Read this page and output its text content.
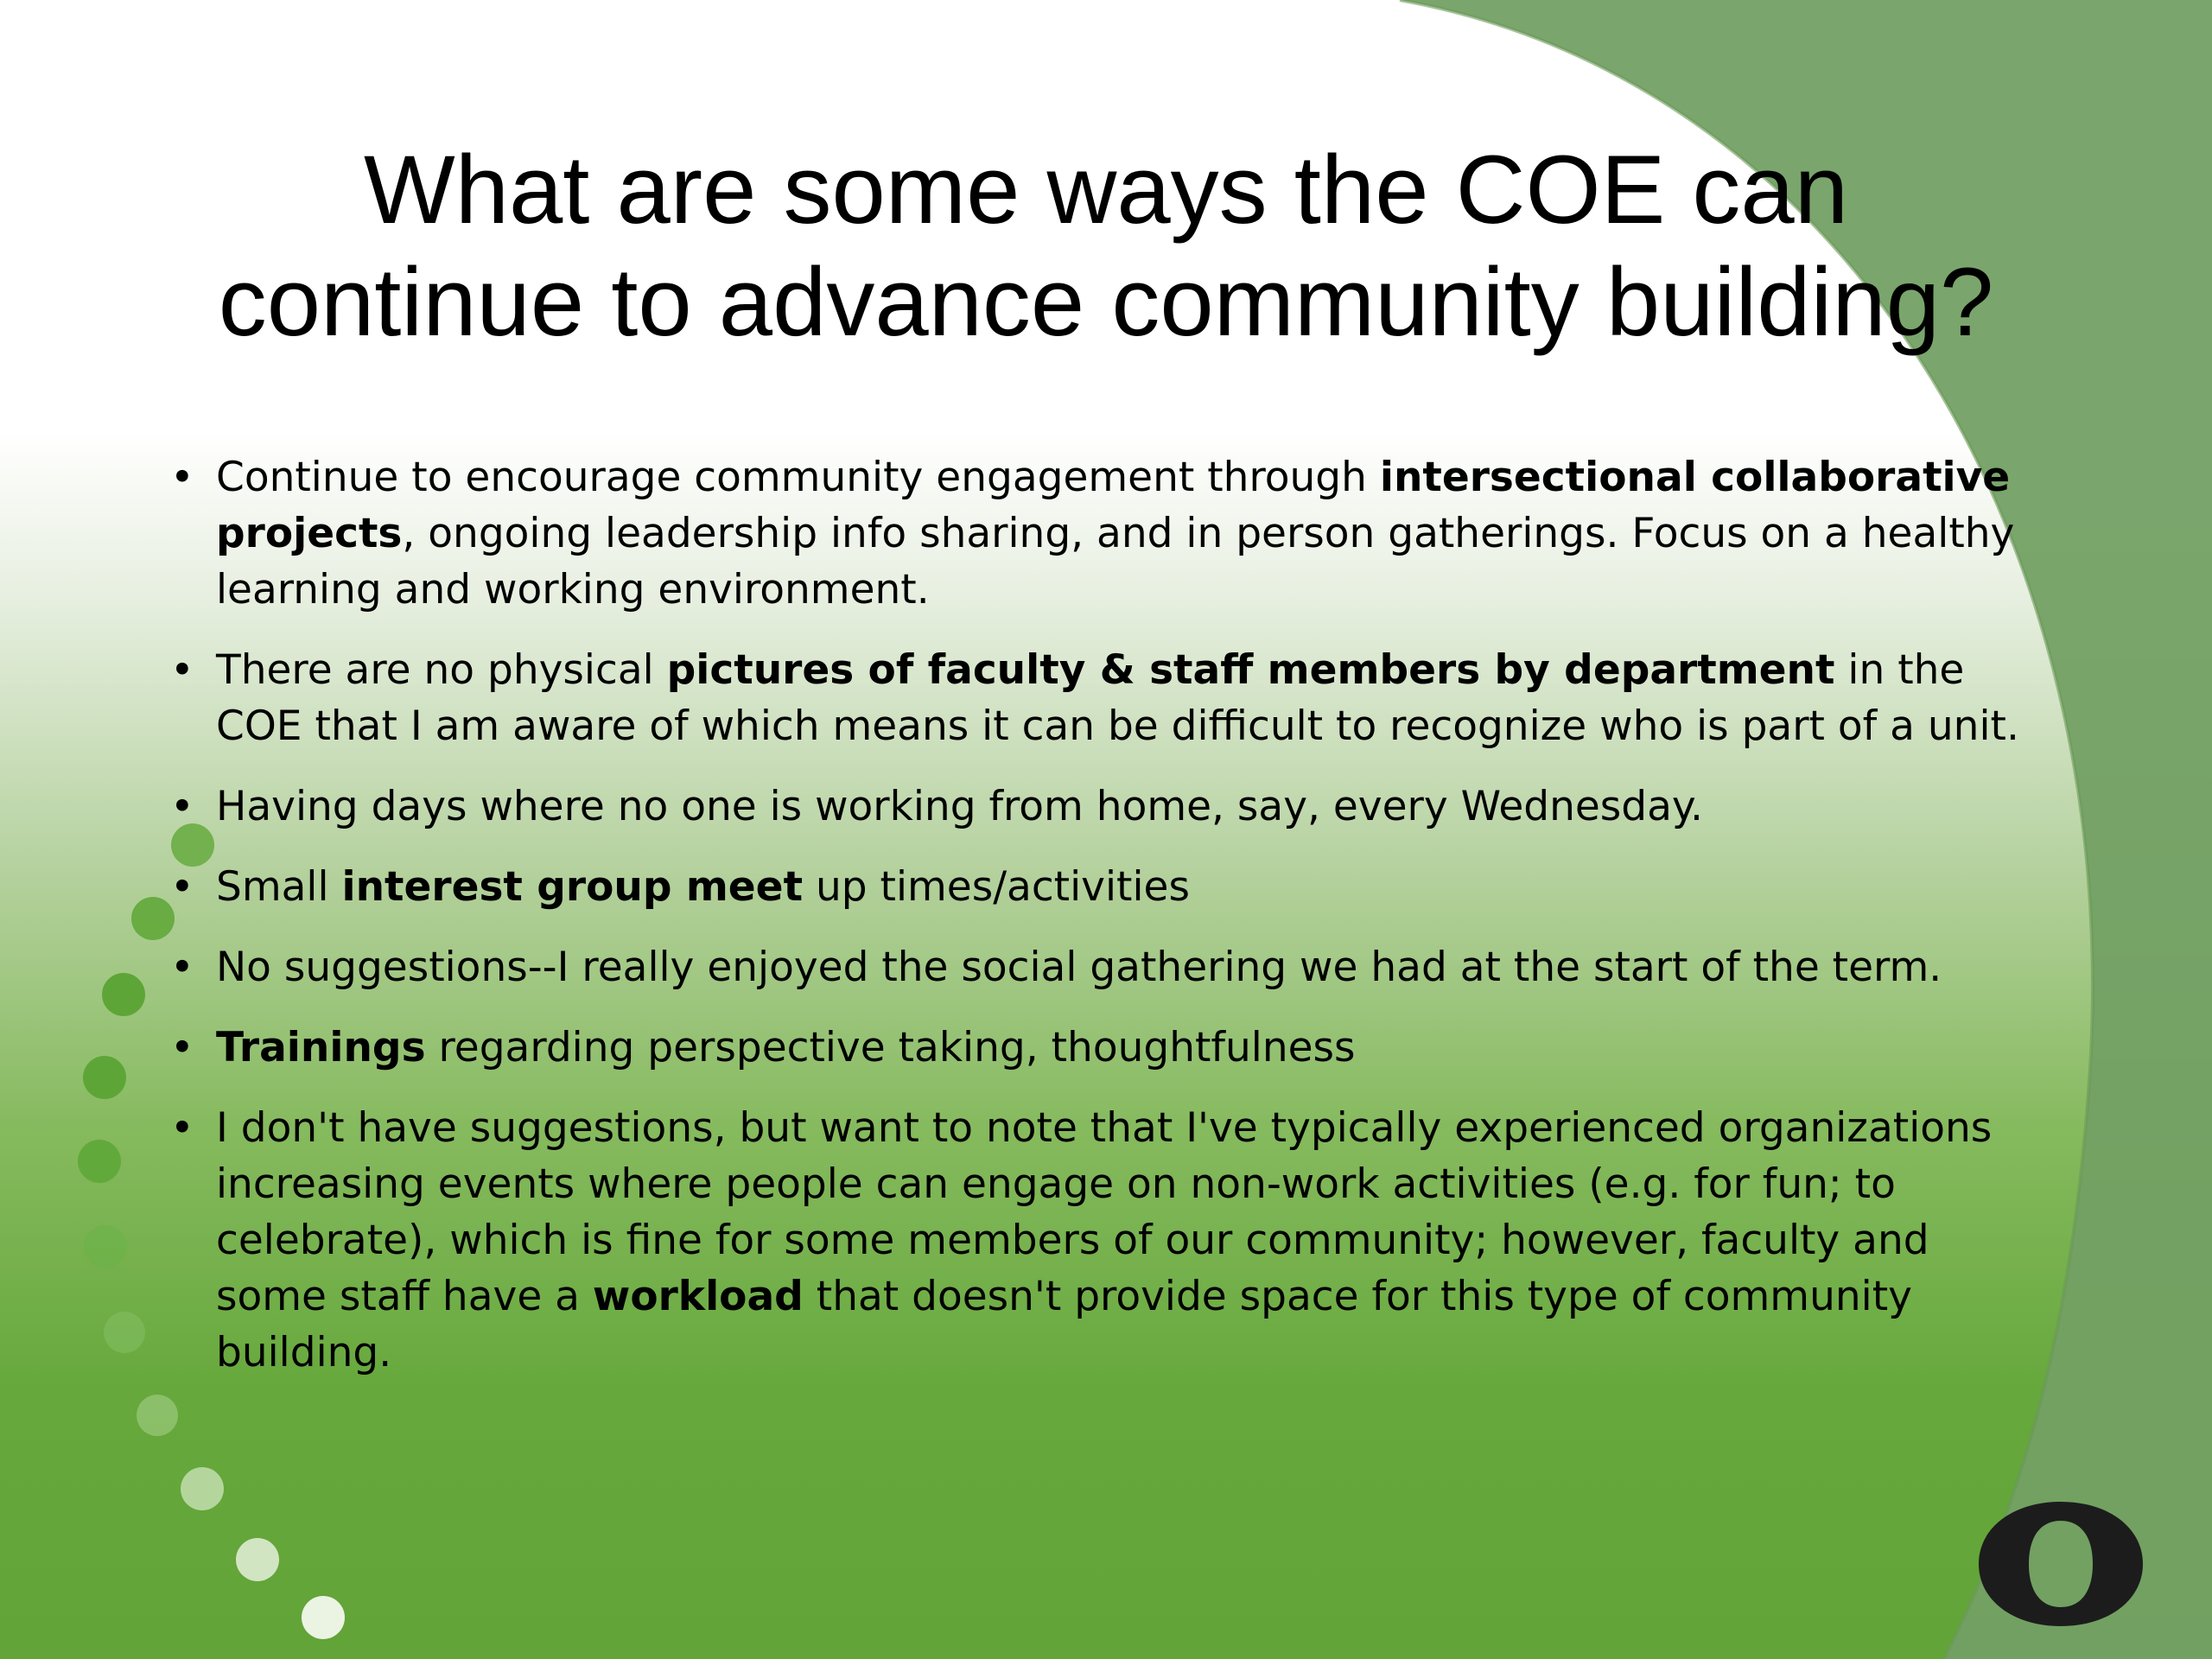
What are some ways the COE can
continue to advance community building?
• Continue to encourage community engagement through intersectional collaborative projects, ongoing leadership info sharing, and in person gatherings. Focus on a healthy learning and working environment.
• There are no physical pictures of faculty & staff members by department in the COE that I am aware of which means it can be difficult to recognize who is part of a unit.
• Having days where no one is working from home, say, every Wednesday.
• Small interest group meet up times/activities
• No suggestions--I really enjoyed the social gathering we had at the start of the term.
• Trainings regarding perspective taking, thoughtfulness
• I don't have suggestions, but want to note that I've typically experienced organizations increasing events where people can engage on non-work activities (e.g. for fun; to celebrate), which is fine for some members of our community; however, faculty and some staff have a workload that doesn't provide space for this type of community building.
